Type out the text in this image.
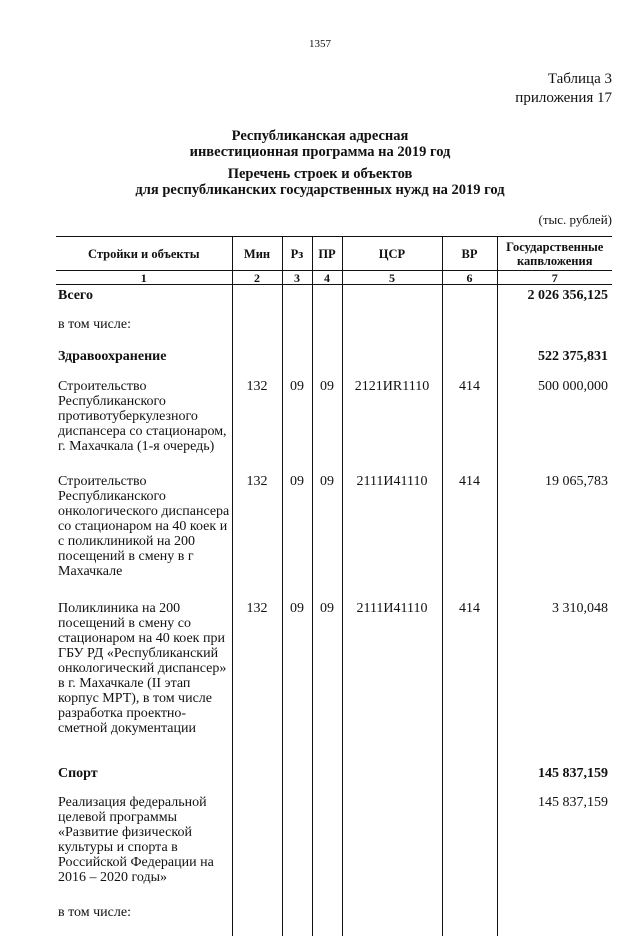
1357
Таблица 3
приложения 17
Республиканская адресная
инвестиционная программа на 2019 год
Перечень строек и объектов
для республиканских государственных нужд на 2019 год
(тыс. рублей)
Стройки и объекты	Мин	Рз	ПР	ЦСР	ВР	Государственные капвложения
1	2	3	4	5	6	7
Всего						2 026 356,125
в том числе:						
Здравоохранение						522 375,831
Строительство Республиканского противотуберкулезного диспансера со стационаром, г. Махачкала (1-я очередь)	132	09	09	2121ИR1110	414	500 000,000
Строительство Республиканского онкологического диспансера со стационаром на 40 коек и с поликлиникой на 200 посещений в смену в г Махачкале	132	09	09	2111И41110	414	19 065,783
Поликлиника на 200 посещений в смену со стационаром на 40 коек при ГБУ РД «Республиканский онкологический диспансер» в г. Махачкале (II этап корпус МРТ), в том числе разработка проектно-сметной документации	132	09	09	2111И41110	414	3 310,048
Спорт						145 837,159
Реализация федеральной целевой программы «Развитие физической культуры и спорта в Российской Федерации на 2016 – 2020 годы»						145 837,159
в том числе:						
